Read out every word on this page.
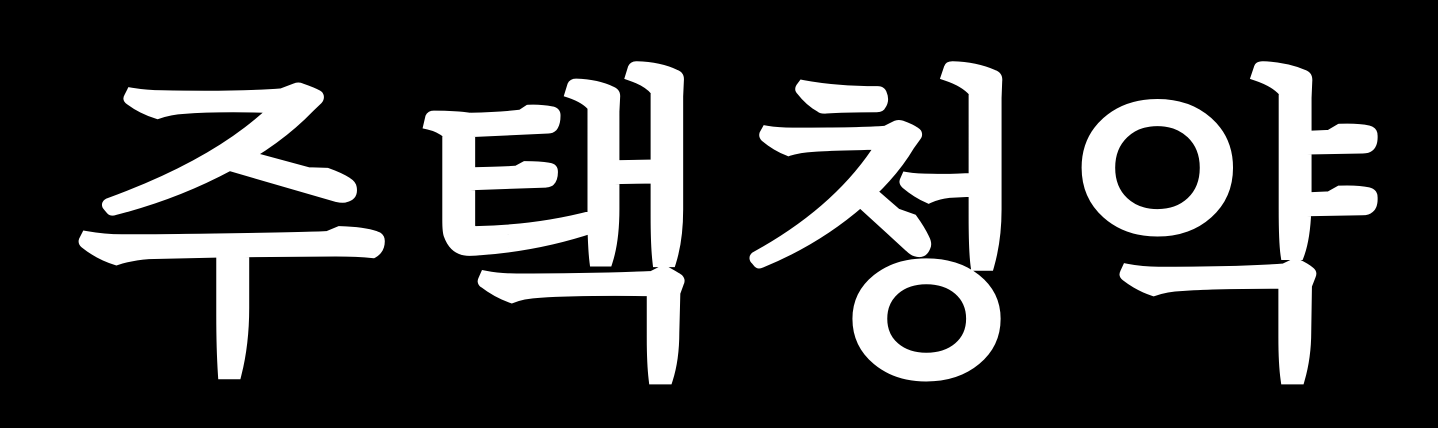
주 택 청 약
